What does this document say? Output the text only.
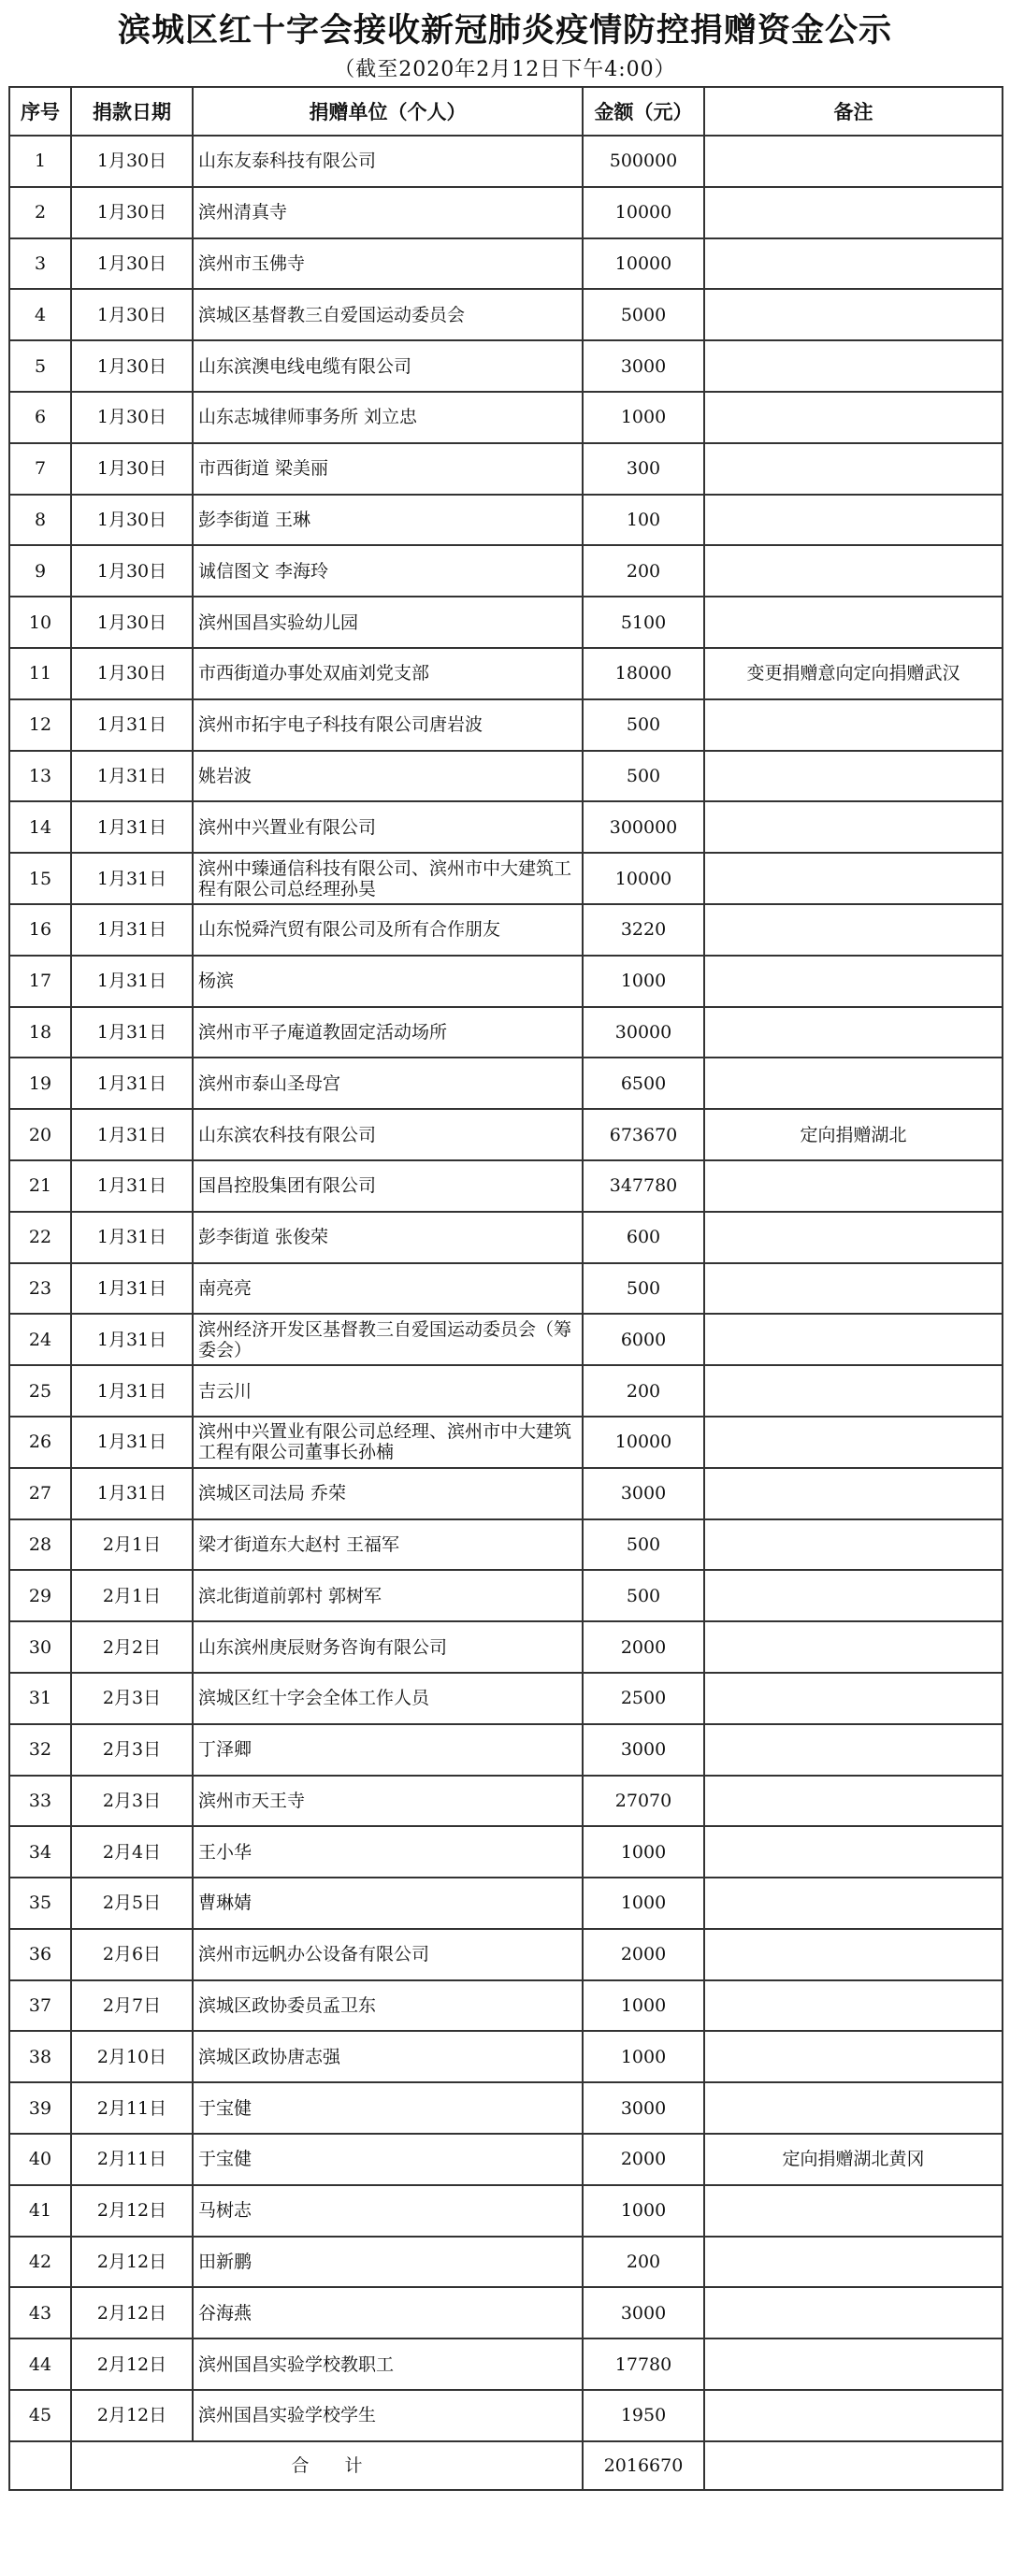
滨城区红十字会接收新冠肺炎疫情防控捐赠资金公示
（截至2020年2月12日下午4:00）
序号	捐款日期	捐赠单位（个人）	金额（元）	备注
1	1月30日	山东友泰科技有限公司	500000	
2	1月30日	滨州清真寺	10000	
3	1月30日	滨州市玉佛寺	10000	
4	1月30日	滨城区基督教三自爱国运动委员会	5000	
5	1月30日	山东滨澳电线电缆有限公司	3000	
6	1月30日	山东志城律师事务所 刘立忠	1000	
7	1月30日	市西街道 梁美丽	300	
8	1月30日	彭李街道 王琳	100	
9	1月30日	诚信图文 李海玲	200	
10	1月30日	滨州国昌实验幼儿园	5100	
11	1月30日	市西街道办事处双庙刘党支部	18000	变更捐赠意向定向捐赠武汉
12	1月31日	滨州市拓宇电子科技有限公司唐岩波	500	
13	1月31日	姚岩波	500	
14	1月31日	滨州中兴置业有限公司	300000	
15	1月31日	滨州中臻通信科技有限公司、滨州市中大建筑工程有限公司总经理孙昊	10000	
16	1月31日	山东悦舜汽贸有限公司及所有合作朋友	3220	
17	1月31日	杨滨	1000	
18	1月31日	滨州市平子庵道教固定活动场所	30000	
19	1月31日	滨州市泰山圣母宫	6500	
20	1月31日	山东滨农科技有限公司	673670	定向捐赠湖北
21	1月31日	国昌控股集团有限公司	347780	
22	1月31日	彭李街道 张俊荣	600	
23	1月31日	南亮亮	500	
24	1月31日	滨州经济开发区基督教三自爱国运动委员会（筹委会）	6000	
25	1月31日	吉云川	200	
26	1月31日	滨州中兴置业有限公司总经理、滨州市中大建筑工程有限公司董事长孙楠	10000	
27	1月31日	滨城区司法局 乔荣	3000	
28	2月1日	梁才街道东大赵村 王福军	500	
29	2月1日	滨北街道前郭村 郭树军	500	
30	2月2日	山东滨州庚辰财务咨询有限公司	2000	
31	2月3日	滨城区红十字会全体工作人员	2500	
32	2月3日	丁泽卿	3000	
33	2月3日	滨州市天王寺	27070	
34	2月4日	王小华	1000	
35	2月5日	曹琳婧	1000	
36	2月6日	滨州市远帆办公设备有限公司	2000	
37	2月7日	滨城区政协委员孟卫东	1000	
38	2月10日	滨城区政协唐志强	1000	
39	2月11日	于宝健	3000	
40	2月11日	于宝健	2000	定向捐赠湖北黄冈
41	2月12日	马树志	1000	
42	2月12日	田新鹏	200	
43	2月12日	谷海燕	3000	
44	2月12日	滨州国昌实验学校教职工	17780	
45	2月12日	滨州国昌实验学校学生	1950	
	合　　计		2016670	
